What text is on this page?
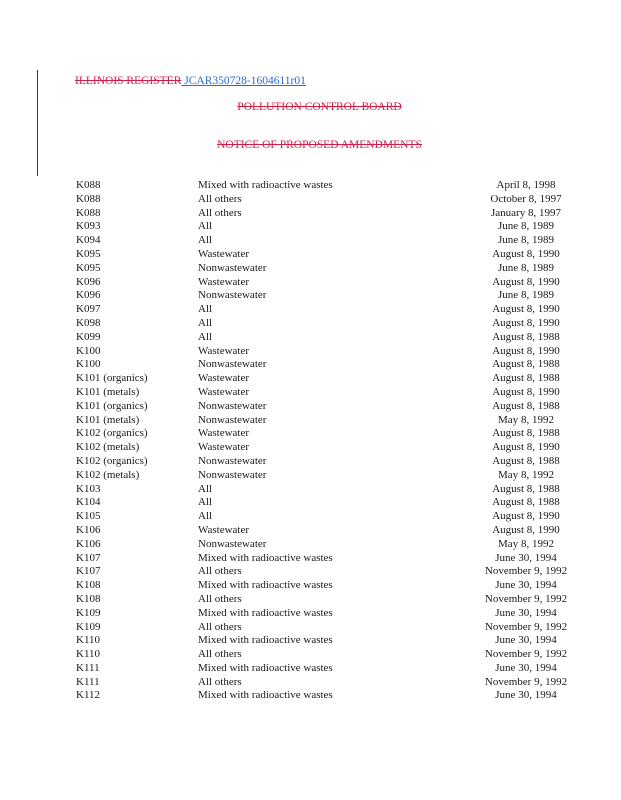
ILLINOIS REGISTER JCAR350728-1604611r01
POLLUTION CONTROL BOARD
NOTICE OF PROPOSED AMENDMENTS
K088	Mixed with radioactive wastes	April 8, 1998
K088	All others	October 8, 1997
K088	All others	January 8, 1997
K093	All	June 8, 1989
K094	All	June 8, 1989
K095	Wastewater	August 8, 1990
K095	Nonwastewater	June 8, 1989
K096	Wastewater	August 8, 1990
K096	Nonwastewater	June 8, 1989
K097	All	August 8, 1990
K098	All	August 8, 1990
K099	All	August 8, 1988
K100	Wastewater	August 8, 1990
K100	Nonwastewater	August 8, 1988
K101 (organics)	Wastewater	August 8, 1988
K101 (metals)	Wastewater	August 8, 1990
K101 (organics)	Nonwastewater	August 8, 1988
K101 (metals)	Nonwastewater	May 8, 1992
K102 (organics)	Wastewater	August 8, 1988
K102 (metals)	Wastewater	August 8, 1990
K102 (organics)	Nonwastewater	August 8, 1988
K102 (metals)	Nonwastewater	May 8, 1992
K103	All	August 8, 1988
K104	All	August 8, 1988
K105	All	August 8, 1990
K106	Wastewater	August 8, 1990
K106	Nonwastewater	May 8, 1992
K107	Mixed with radioactive wastes	June 30, 1994
K107	All others	November 9, 1992
K108	Mixed with radioactive wastes	June 30, 1994
K108	All others	November 9, 1992
K109	Mixed with radioactive wastes	June 30, 1994
K109	All others	November 9, 1992
K110	Mixed with radioactive wastes	June 30, 1994
K110	All others	November 9, 1992
K111	Mixed with radioactive wastes	June 30, 1994
K111	All others	November 9, 1992
K112	Mixed with radioactive wastes	June 30, 1994
